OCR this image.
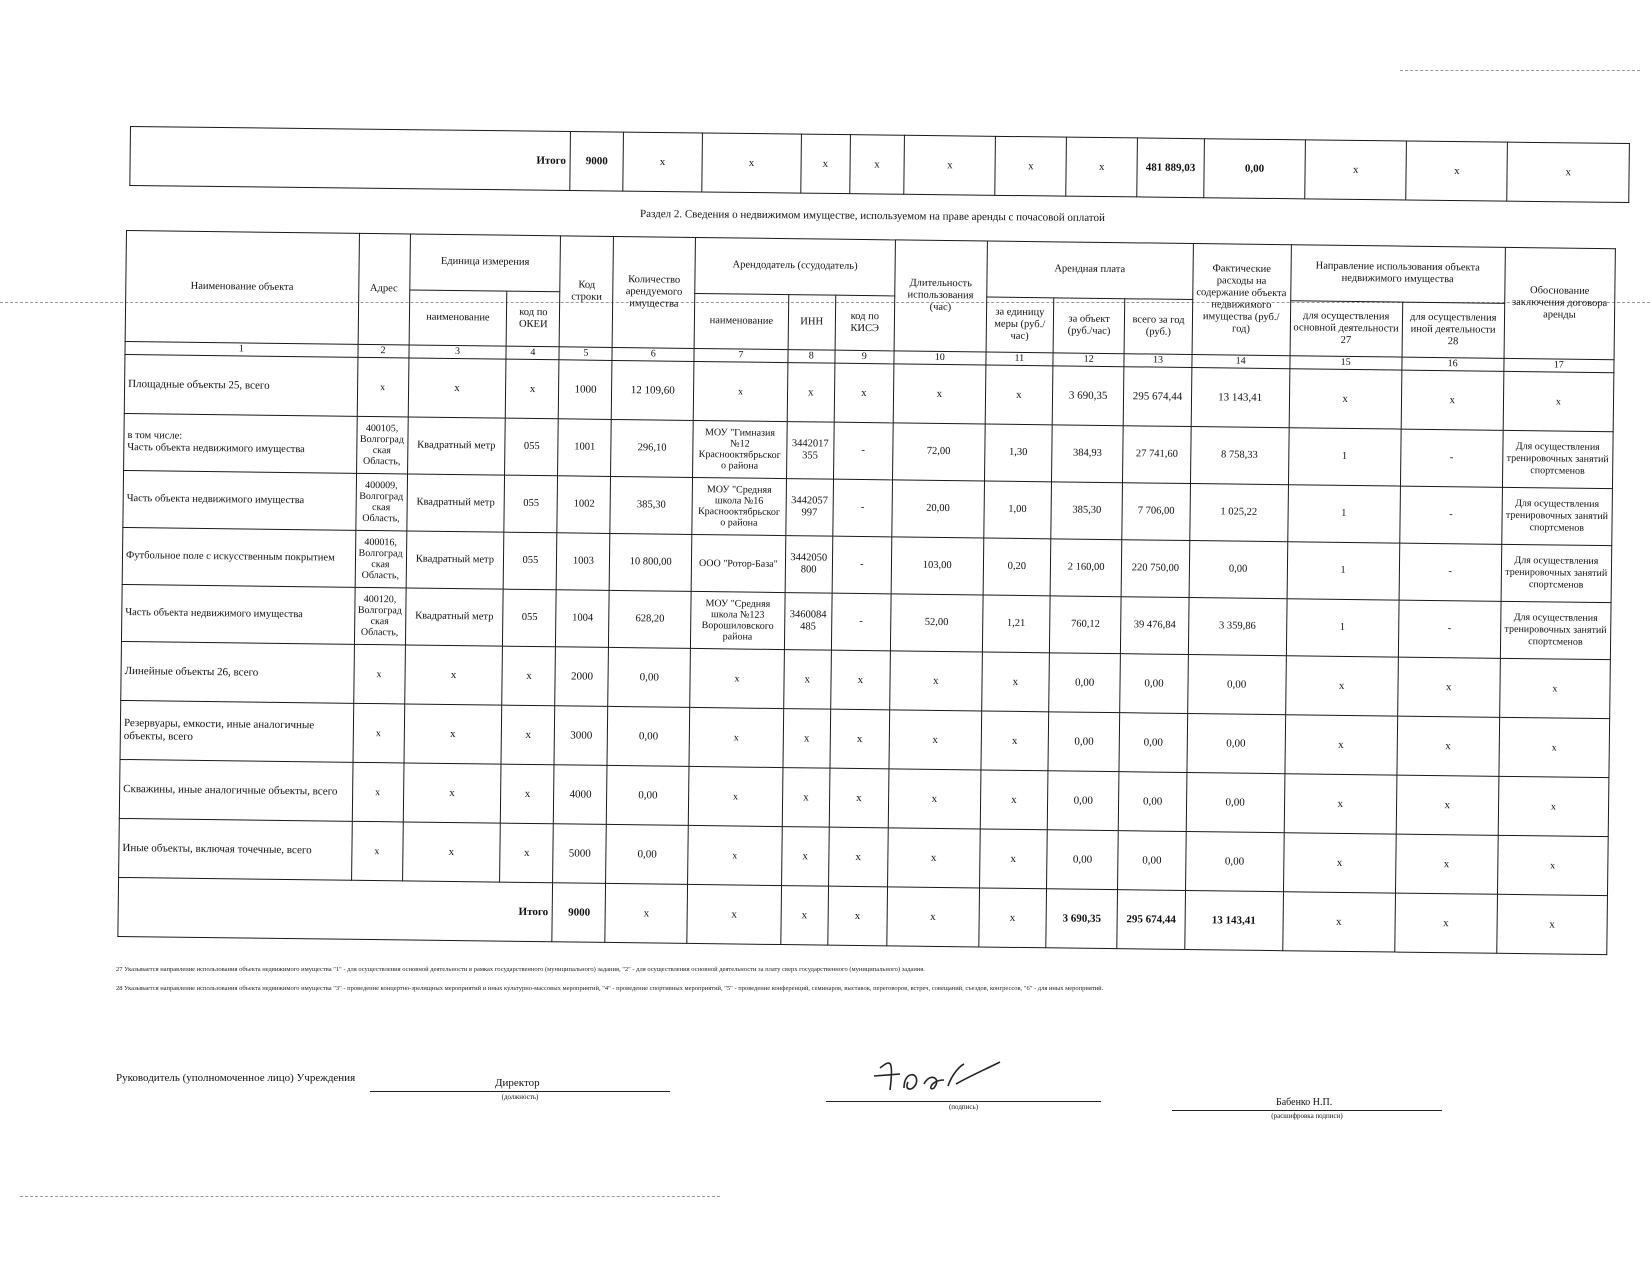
Итого	9000	x	x	x	x	x	x	x	481 889,03	0,00	x	x	x
Раздел 2. Сведения о недвижимом имуществе, используемом на праве аренды с почасовой оплатой
Наименование объекта	Адрес	Единица измерения		Код строки	Количество арендуемого имущества	Арендодатель (ссудодатель)			Длительность использования (час)	Арендная плата			Фактические расходы на содержание объекта недвижимого имущества (руб./год)	Направление использования объекта недвижимого имущества		Обоснование заключения договора аренды
		наименование	код по ОКЕИ			наименование	ИНН	код по КИСЭ		за единицу меры (руб./час)	за объект (руб./час)	всего за год (руб.)		для осуществления основной деятельности 27	для осуществления иной деятельности 28	
1	2	3	4	5	6	7	8	9	10	11	12	13	14	15	16	17
Площадные объекты 25, всего	x	x	x	1000	12 109,60	x	x	x	x	x	3 690,35	295 674,44	13 143,41	x	x	x
в том числе:
Часть объекта недвижимого имущества	400105, Волгоград ская Область,	Квадратный метр	055	1001	296,10	МОУ "Гимназия №12 Краснооктябрьског о района	3442017 355	-	72,00	1,30	384,93	27 741,60	8 758,33	1	-	Для осуществления тренировочных занятий спортсменов
Часть объекта недвижимого имущества	400009, Волгоград ская Область,	Квадратный метр	055	1002	385,30	МОУ "Средняя школа №16 Краснооктябрьског о района	3442057 997	-	20,00	1,00	385,30	7 706,00	1 025,22	1	-	Для осуществления тренировочных занятий спортсменов
Футбольное поле с искусственным покрытием	400016, Волгоград ская Область,	Квадратный метр	055	1003	10 800,00	ООО "Ротор-База"	3442050 800	-	103,00	0,20	2 160,00	220 750,00	0,00	1	-	Для осуществления тренировочных занятий спортсменов
Часть объекта недвижимого имущества	400120, Волгоград ская Область,	Квадратный метр	055	1004	628,20	МОУ "Средняя школа №123 Ворошиловского района	3460084 485	-	52,00	1,21	760,12	39 476,84	3 359,86	1	-	Для осуществления тренировочных занятий спортсменов
Линейные объекты 26, всего	x	x	x	2000	0,00	x	x	x	x	x	0,00	0,00	0,00	x	x	x
Резервуары, емкости, иные аналогичные объекты, всего	x	x	x	3000	0,00	x	x	x	x	x	0,00	0,00	0,00	x	x	x
Скважины, иные аналогичные объекты, всего	x	x	x	4000	0,00	x	x	x	x	x	0,00	0,00	0,00	x	x	x
Иные объекты, включая точечные, всего	x	x	x	5000	0,00	x	x	x	x	x	0,00	0,00	0,00	x	x	x
Итого				9000	x	x	x	x	x	x	3 690,35	295 674,44	13 143,41	x	x	x
27 Указывается направление использования объекта недвижимого имущества "1" - для осуществления основной деятельности в рамках государственного (муниципального) задания, "2" - для осуществления основной деятельности за плату сверх государственного (муниципального) задания.
28 Указывается направление использования объекта недвижимого имущества "3" - проведение концертно-зрелищных мероприятий и иных культурно-массовых мероприятий, "4" - проведение спортивных мероприятий, "5" - проведение конференций, семинаров, выставок, переговоров, встреч, совещаний, съездов, конгрессов, "6" - для иных мероприятий.
Руководитель (уполномоченное лицо) Учреждения	Директор
(должность)
(подпись)	Бабенко Н.П.
(расшифровка подписи)
